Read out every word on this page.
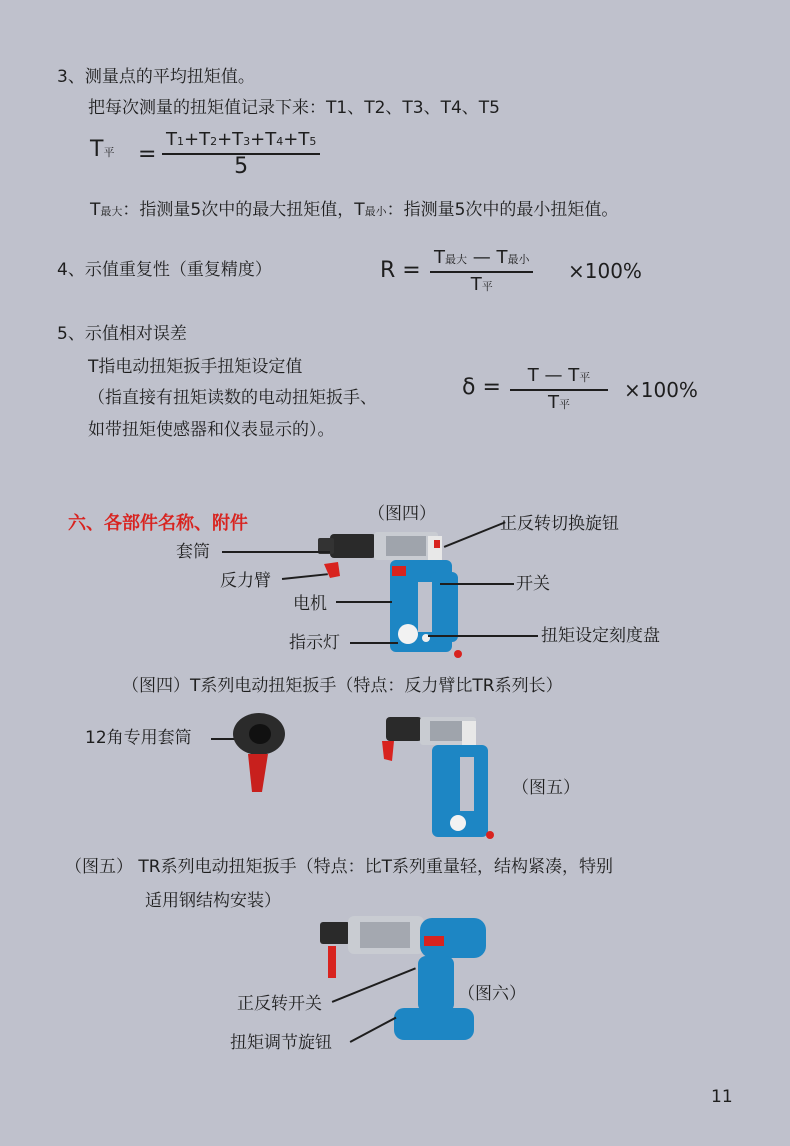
3、测量点的平均扭矩值。
把每次测量的扭矩值记录下来：T1、T2、T3、T4、T5
T平 =
T1+T2+T3+T4+T5
5
T最大：指测量5次中的最大扭矩值，T最小：指测量5次中的最小扭矩值。
4、示值重复性（重复精度）	R =
T最大 — T最小
T平
×100%
5、示值相对误差
T指电动扭矩扳手扭矩设定值
（指直接有扭矩读数的电动扭矩扳手、
如带扭矩使感器和仪表显示的）。
δ =	T — T平
T平
×100%
六、各部件名称、附件	（图四）
套筒
反力臂
电机
指示灯
正反转切换旋钮
开关
扭矩设定刻度盘
（图四）T系列电动扭矩扳手（特点：反力臂比TR系列长）
12角专用套筒
（图五）
（图五） TR系列电动扭矩扳手（特点：比T系列重量轻，结构紧凑，特别
适用钢结构安装）
（图六）
正反转开关
扭矩调节旋钮
11
